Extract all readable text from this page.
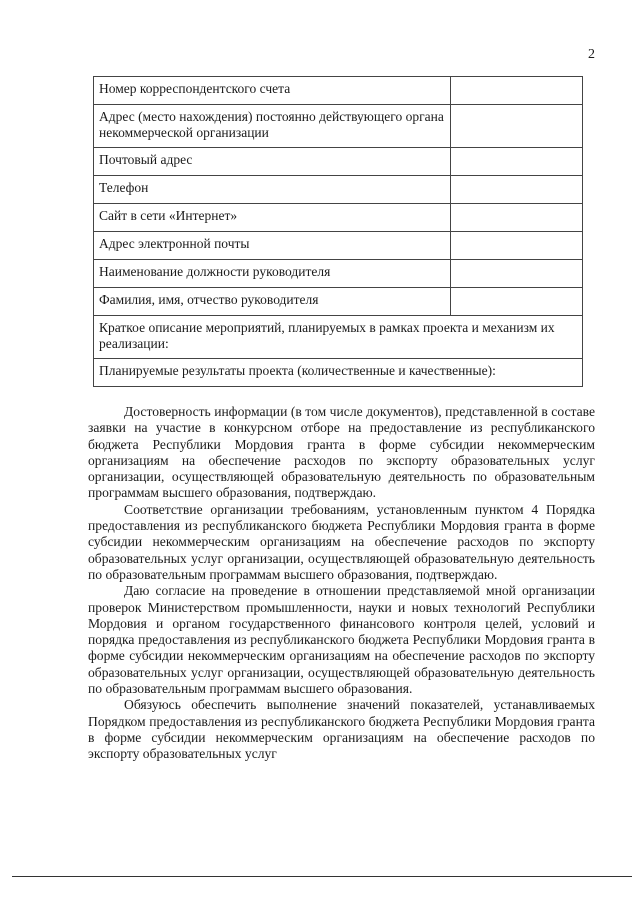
2
Номер корреспондентского счета	
Адрес (место нахождения) постоянно действующего органа некоммерческой организации	
Почтовый адрес	
Телефон	
Сайт в сети «Интернет»	
Адрес электронной почты	
Наименование должности руководителя	
Фамилия, имя, отчество руководителя	
Краткое описание мероприятий, планируемых в рамках проекта и механизм их реализации:	
Планируемые результаты проекта (количественные и качественные):	

Достоверность информации (в том числе документов), представленной в составе заявки на участие в конкурсном отборе на предоставление из республиканского бюджета Республики Мордовия гранта в форме субсидии некоммерческим организациям на обеспечение расходов по экспорту образовательных услуг организации, осуществляющей образовательную деятельность по образовательным программам высшего образования, подтверждаю.

Соответствие организации требованиям, установленным пунктом 4 Порядка предоставления из республиканского бюджета Республики Мордовия гранта в форме субсидии некоммерческим организациям на обеспечение расходов по экспорту образовательных услуг организации, осуществляющей образовательную деятельность по образовательным программам высшего образования, подтверждаю.

Даю согласие на проведение в отношении представляемой мной организации проверок Министерством промышленности, науки и новых технологий Республики Мордовия и органом государственного финансового контроля целей, условий и порядка предоставления из республиканского бюджета Республики Мордовия гранта в форме субсидии некоммерческим организациям на обеспечение расходов по экспорту образовательных услуг организации, осуществляющей образовательную деятельность по образовательным программам высшего образования.

Обязуюсь обеспечить выполнение значений показателей, устанавливаемых Порядком предоставления из республиканского бюджета Республики Мордовия гранта в форме субсидии некоммерческим организациям на обеспечение расходов по экспорту образовательных услуг
